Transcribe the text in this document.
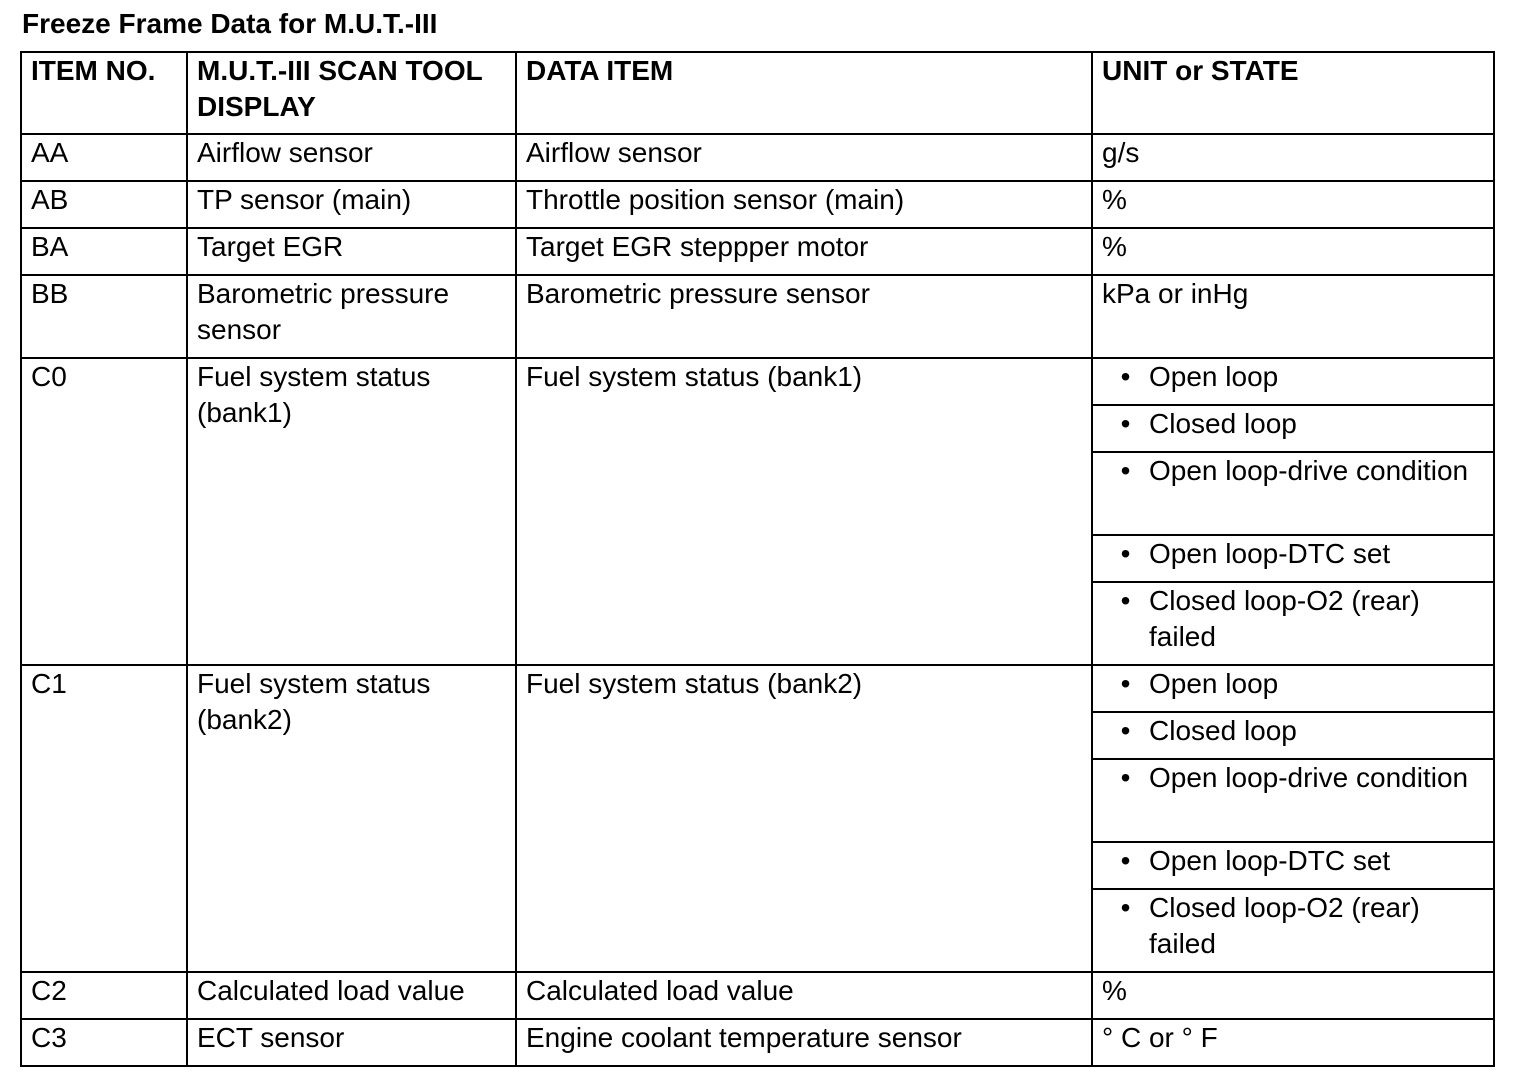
Freeze Frame Data for M.U.T.-III
ITEM NO.	M.U.T.-III SCAN TOOL DISPLAY	DATA ITEM	UNIT or STATE
AA	Airflow sensor	Airflow sensor	g/s
AB	TP sensor (main)	Throttle position sensor (main)	%
BA	Target EGR	Target EGR steppper motor	%
BB	Barometric pressure sensor	Barometric pressure sensor	kPa or inHg
C0	Fuel system status (bank1)	Fuel system status (bank1)	• Open loop

			• Closed loop

			• Open loop-drive condition

			• Open loop-DTC set

			• Closed loop-O2 (rear) failed

C1	Fuel system status (bank2)	Fuel system status (bank2)	• Open loop

			• Closed loop

			• Open loop-drive condition

			• Open loop-DTC set

			• Closed loop-O2 (rear) failed

C2	Calculated load value	Calculated load value	%
C3	ECT sensor	Engine coolant temperature sensor	° C or ° F
